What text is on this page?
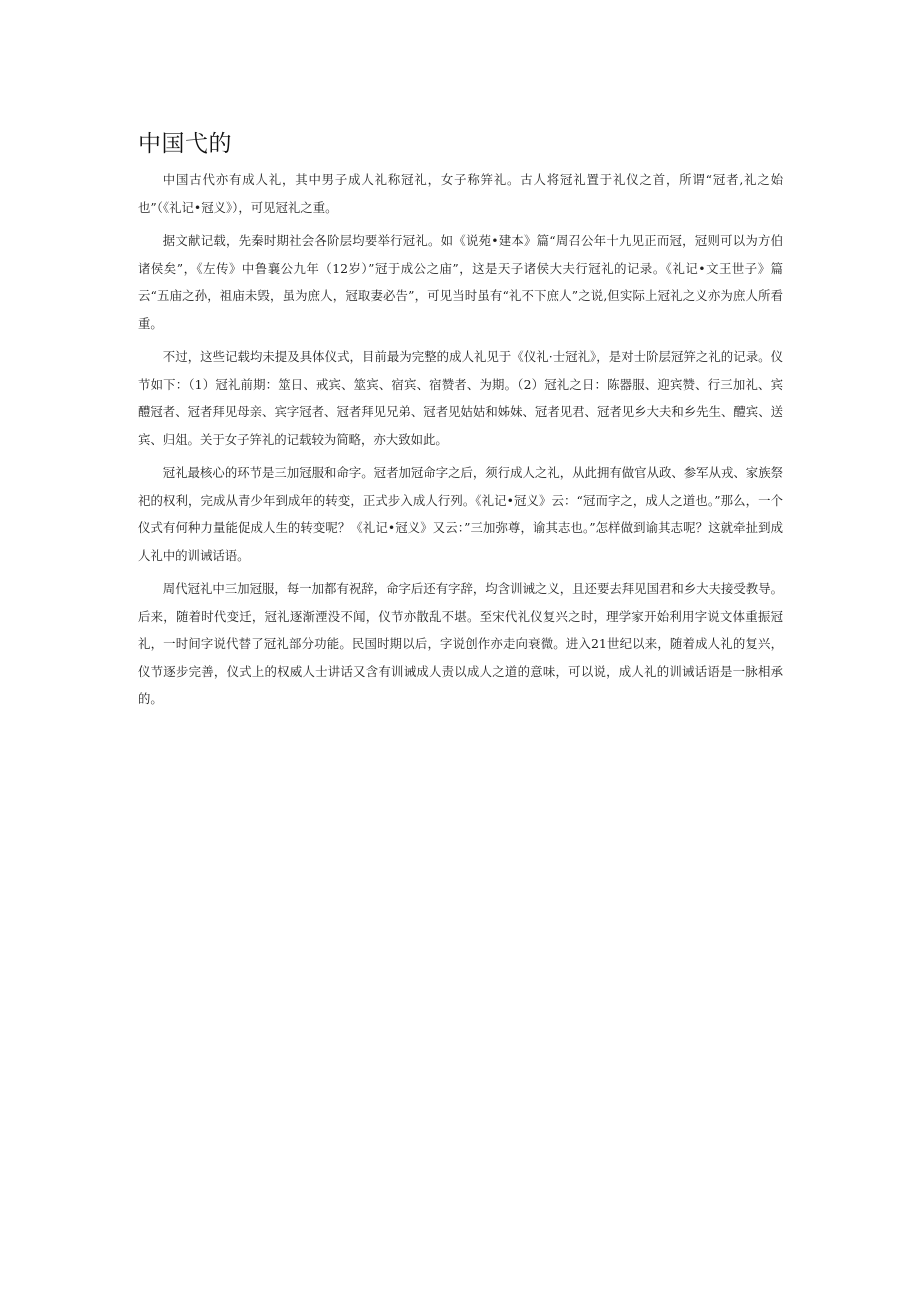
中国弋的

中国古代亦有成人礼，其中男子成人礼称冠礼，女子称笄礼。古人将冠礼置于礼仪之首，所谓“冠者,礼之始也”（《礼记•冠义》），可见冠礼之重。

据文献记载，先秦时期社会各阶层均要举行冠礼。如《说苑•建本》篇“周召公年十九见正而冠，冠则可以为方伯诸侯矣”，《左传》中鲁襄公九年（12岁）”冠于成公之庙”，这是天子诸侯大夫行冠礼的记录。《礼记•文王世子》篇云“五庙之孙，祖庙未毁，虽为庶人，冠取妻必告”，可见当时虽有“礼不下庶人”之说,但实际上冠礼之义亦为庶人所看重。

不过，这些记载均未提及具体仪式，目前最为完整的成人礼见于《仪礼·士冠礼》，是对士阶层冠笄之礼的记录。仪节如下：（1）冠礼前期：筮日、戒宾、筮宾、宿宾、宿赞者、为期。（2）冠礼之日：陈器服、迎宾赞、行三加礼、宾醴冠者、冠者拜见母亲、宾字冠者、冠者拜见兄弟、冠者见姑姑和姊妹、冠者见君、冠者见乡大夫和乡先生、醴宾、送宾、归俎。关于女子笄礼的记载较为简略，亦大致如此。

冠礼最核心的环节是三加冠服和命字。冠者加冠命字之后，须行成人之礼，从此拥有做官从政、参军从戎、家族祭祀的权利，完成从青少年到成年的转变，正式步入成人行列。《礼记•冠义》云：“冠而字之，成人之道也。”那么，一个仪式有何种力量能促成人生的转变呢？《礼记•冠义》又云：”三加弥尊，谕其志也。”怎样做到谕其志呢？这就牵扯到成人礼中的训诫话语。

周代冠礼中三加冠服，每一加都有祝辞，命字后还有字辞，均含训诫之义，且还要去拜见国君和乡大夫接受教导。后来，随着时代变迁，冠礼逐渐湮没不闻，仪节亦散乱不堪。至宋代礼仪复兴之时，理学家开始利用字说文体重振冠礼，一时间字说代替了冠礼部分功能。民国时期以后，字说创作亦走向衰微。进入21世纪以来，随着成人礼的复兴，仪节逐步完善，仪式上的权威人士讲话又含有训诫成人责以成人之道的意味，可以说，成人礼的训诫话语是一脉相承的。
